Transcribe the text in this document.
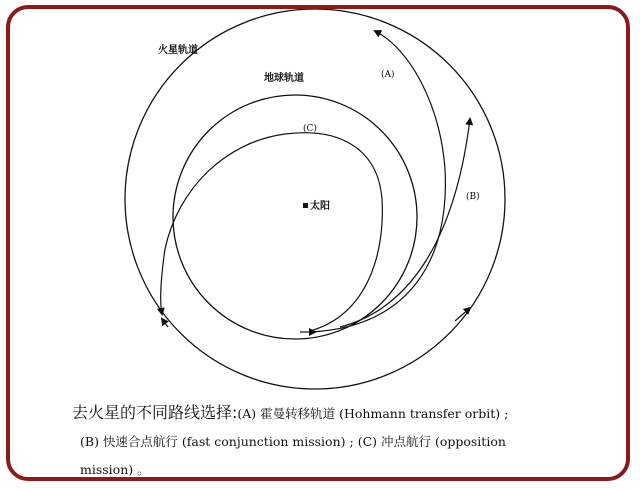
火星轨道
地球轨道
太阳
(A)
(B)
(C)
去火星的不同路线选择:(A) 霍曼转移轨道 (Hohmann transfer orbit) ;
(B) 快速合点航行 (fast conjunction mission) ; (C) 冲点航行 (opposition
mission) 。
